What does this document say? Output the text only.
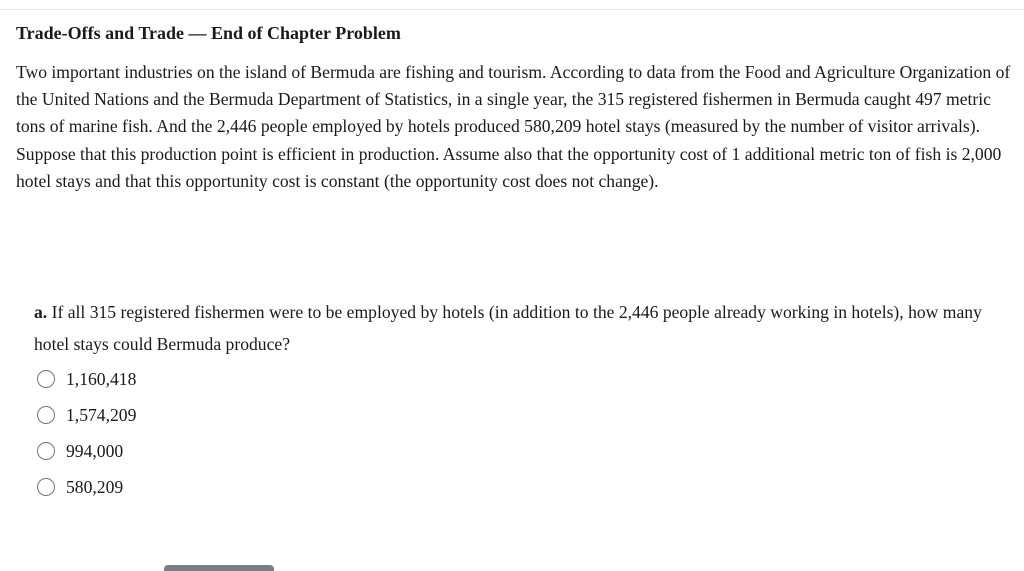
Trade-Offs and Trade — End of Chapter Problem

Two important industries on the island of Bermuda are fishing and tourism. According to data from the Food and Agriculture Organization of the United Nations and the Bermuda Department of Statistics, in a single year, the 315 registered fishermen in Bermuda caught 497 metric tons of marine fish. And the 2,446 people employed by hotels produced 580,209 hotel stays (measured by the number of visitor arrivals). Suppose that this production point is efficient in production. Assume also that the opportunity cost of 1 additional metric ton of fish is 2,000 hotel stays and that this opportunity cost is constant (the opportunity cost does not change).

a. If all 315 registered fishermen were to be employed by hotels (in addition to the 2,446 people already working in hotels), how many hotel stays could Bermuda produce?

1,160,418
1,574,209
994,000
580,209
